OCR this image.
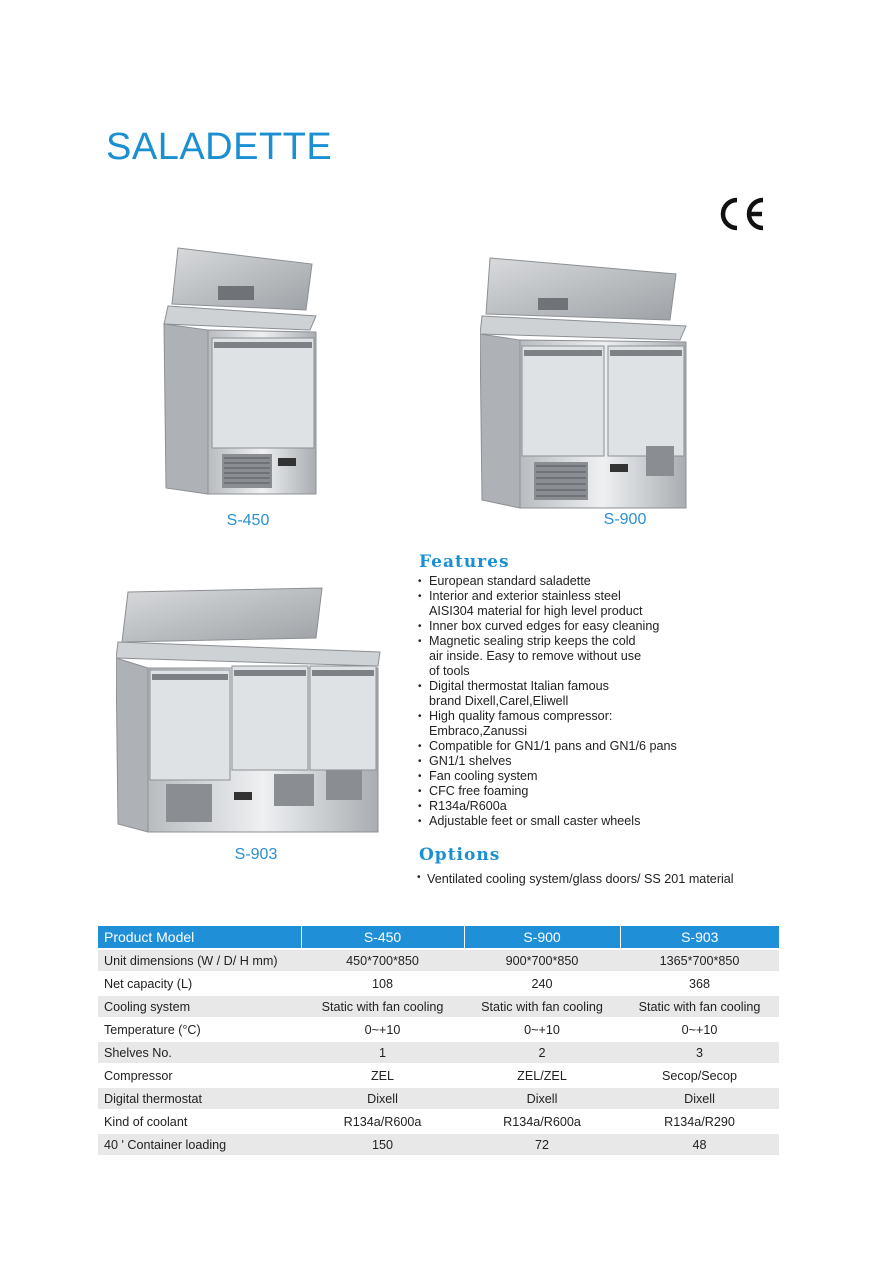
SALADETTE
S-450	S-900
S-903
Features
• European standard saladette
• Interior and exterior stainless steel
AISI304 material for high level product
• Inner box curved edges for easy cleaning
• Magnetic sealing strip keeps the cold
air inside. Easy to remove without use
of tools
• Digital thermostat Italian famous
brand Dixell,Carel,Eliwell
• High quality famous compressor:
Embraco,Zanussi
• Compatible for GN1/1 pans and GN1/6 pans
• GN1/1 shelves
• Fan cooling system
• CFC free foaming
• R134a/R600a
• Adjustable feet or small caster wheels
Options
• Ventilated cooling system/glass doors/ SS 201 material
Product Model	S-450	S-900	S-903
Unit dimensions (W / D/ H mm)	450*700*850	900*700*850	1365*700*850
Net capacity (L)	108	240	368
Cooling system	Static with fan cooling	Static with fan cooling	Static with fan cooling
Temperature (°C)	0~+10	0~+10	0~+10
Shelves No.	1	2	3
Compressor	ZEL	ZEL/ZEL	Secop/Secop
Digital thermostat	Dixell	Dixell	Dixell
Kind of coolant	R134a/R600a	R134a/R600a	R134a/R290
40 ' Container loading	150	72	48
